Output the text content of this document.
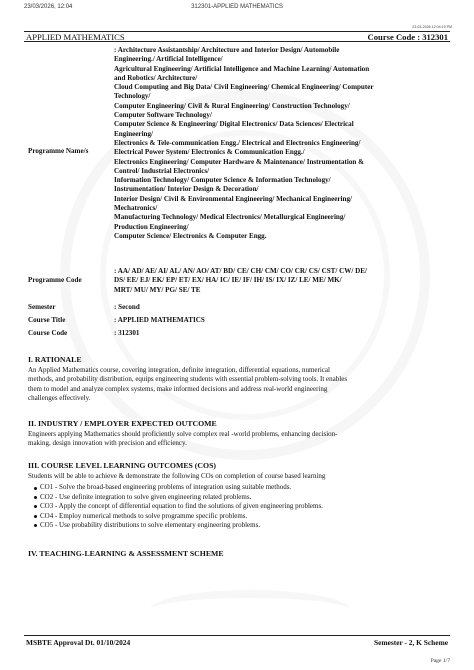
23/03/2026, 12:04	312301-APPLIED MATHEMATICS
23-03-2026 12:04:19 PM
APPLIED MATHEMATICS	Course Code : 312301
Programme Name/s
: Architecture Assistantship/ Architecture and Interior Design/ Automobile
Engineering./ Artificial Intelligence/
Agricultural Engineering/ Artificial Intelligence and Machine Learning/ Automation
and Robotics/ Architecture/
Cloud Computing and Big Data/ Civil Engineering/ Chemical Engineering/ Computer
Technology/
Computer Engineering/ Civil & Rural Engineering/ Construction Technology/
Computer Software Technology/
Computer Science & Engineering/ Digital Electronics/ Data Sciences/ Electrical
Engineering/
Electronics & Tele-communication Engg./ Electrical and Electronics Engineering/
Electrical Power System/ Electronics & Communication Engg./
Electronics Engineering/ Computer Hardware & Maintenance/ Instrumentation &
Control/ Industrial Electronics/
Information Technology/ Computer Science & Information Technology/
Instrumentation/ Interior Design & Decoration/
Interior Design/ Civil & Environmental Engineering/ Mechanical Engineering/
Mechatronics/
Manufacturing Technology/ Medical Electronics/ Metallurgical Engineering/
Production Engineering/
Computer Science/ Electronics & Computer Engg.
Programme Code
: AA/ AD/ AE/ AI/ AL/ AN/ AO/ AT/ BD/ CE/ CH/ CM/ CO/ CR/ CS/ CST/ CW/ DE/
DS/ EE/ EJ/ EK/ EP/ ET/ EX/ HA/ IC/ IE/ IF/ IH/ IS/ IX/ IZ/ LE/ ME/ MK/
MRT/ MU/ MY/ PG/ SE/ TE
Semester	: Second
Course Title	: APPLIED MATHEMATICS
Course Code	: 312301
I. RATIONALE
An Applied Mathematics course, covering integration, definite integration, differential equations, numerical
methods, and probability distribution, equips engineering students with essential problem-solving tools. It enables
them to model and analyze complex systems, make informed decisions and address real-world engineering
challenges effectively.
II. INDUSTRY / EMPLOYER EXPECTED OUTCOME
Engineers applying Mathematics should proficiently solve complex real -world problems, enhancing decision-
making, design innovation with precision and efficiency.
III. COURSE LEVEL LEARNING OUTCOMES (COS)
Students will be able to achieve & demonstrate the following COs on completion of course based learning
CO1 - Solve the broad-based engineering problems of integration using suitable methods.
CO2 - Use definite integration to solve given engineering related problems.
CO3 - Apply the concept of differential equation to find the solutions of given engineering problems.
CO4 - Employ numerical methods to solve programme specific problems.
CO5 - Use probability distributions to solve elementary engineering problems.
IV. TEACHING-LEARNING & ASSESSMENT SCHEME
MSBTE Approval Dt. 01/10/2024	Semester - 2, K Scheme
Page 1/7
